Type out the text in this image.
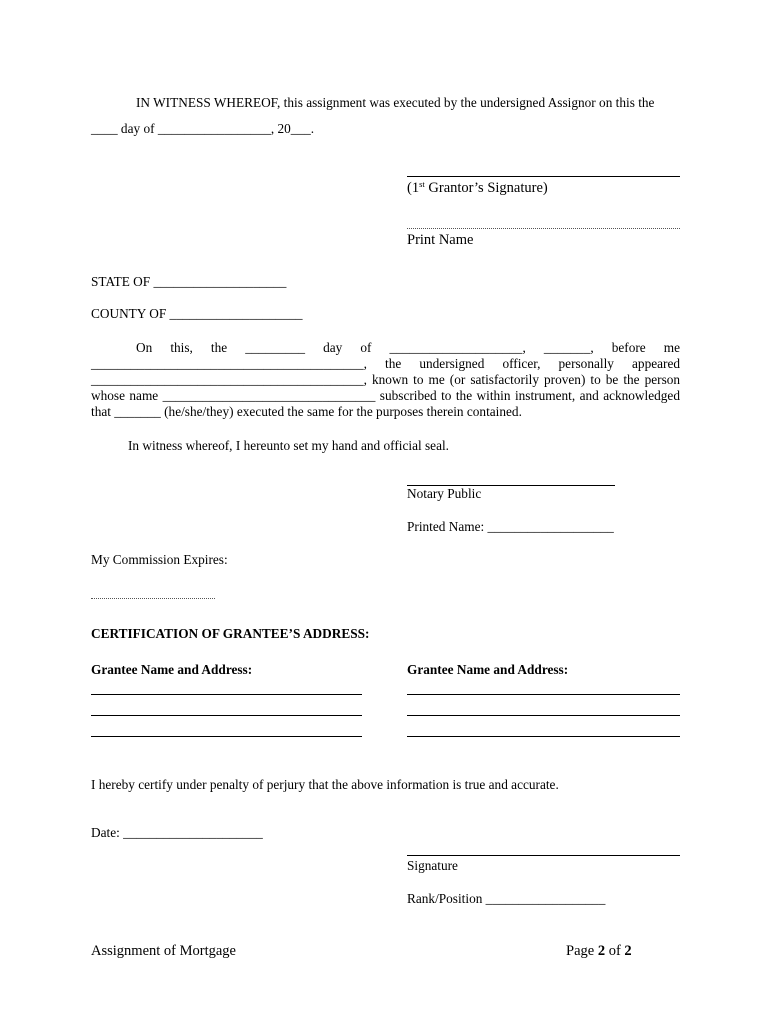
IN WITNESS WHEREOF, this assignment was executed by the undersigned Assignor on this the
____ day of _________________, 20___.
(1st Grantor’s Signature)
Print Name
STATE OF ____________________
COUNTY OF ____________________
On this, the _________ day of ____________________, _______, before me
_________________________________________, the undersigned officer, personally appeared
_________________________________________, known to me (or satisfactorily proven) to be the person
whose name ________________________________ subscribed to the within instrument, and acknowledged
that _______ (he/she/they) executed the same for the purposes therein contained.
In witness whereof, I hereunto set my hand and official seal.
Notary Public
Printed Name: ___________________
My Commission Expires:
CERTIFICATION OF GRANTEE’S ADDRESS:
Grantee Name and Address:	Grantee Name and Address:
I hereby certify under penalty of perjury that the above information is true and accurate.
Date: _____________________
Signature
Rank/Position __________________
Assignment of Mortgage	Page 2 of 2
